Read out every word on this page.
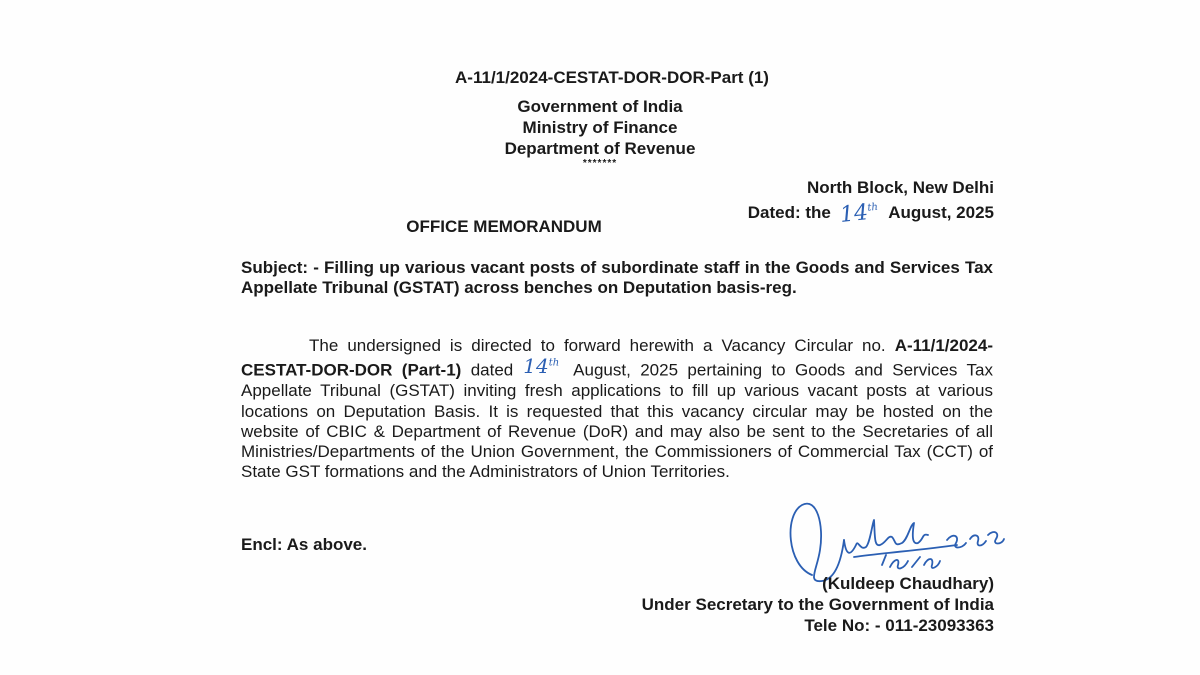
A-11/1/2024-CESTAT-DOR-DOR-Part (1)
Government of India
Ministry of Finance
Department of Revenue
*******
North Block, New Delhi
Dated: the 14th August, 2025
OFFICE MEMORANDUM
Subject: - Filling up various vacant posts of subordinate staff in the Goods and Services Tax Appellate Tribunal (GSTAT) across benches on Deputation basis-reg.
The undersigned is directed to forward herewith a Vacancy Circular no. A-11/1/2024-CESTAT-DOR-DOR (Part-1) dated 14th August, 2025 pertaining to Goods and Services Tax Appellate Tribunal (GSTAT) inviting fresh applications to fill up various vacant posts at various locations on Deputation Basis. It is requested that this vacancy circular may be hosted on the website of CBIC & Department of Revenue (DoR) and may also be sent to the Secretaries of all Ministries/Departments of the Union Government, the Commissioners of Commercial Tax (CCT) of State GST formations and the Administrators of Union Territories.
Encl: As above.
(Kuldeep Chaudhary)
Under Secretary to the Government of India
Tele No: - 011-23093363
